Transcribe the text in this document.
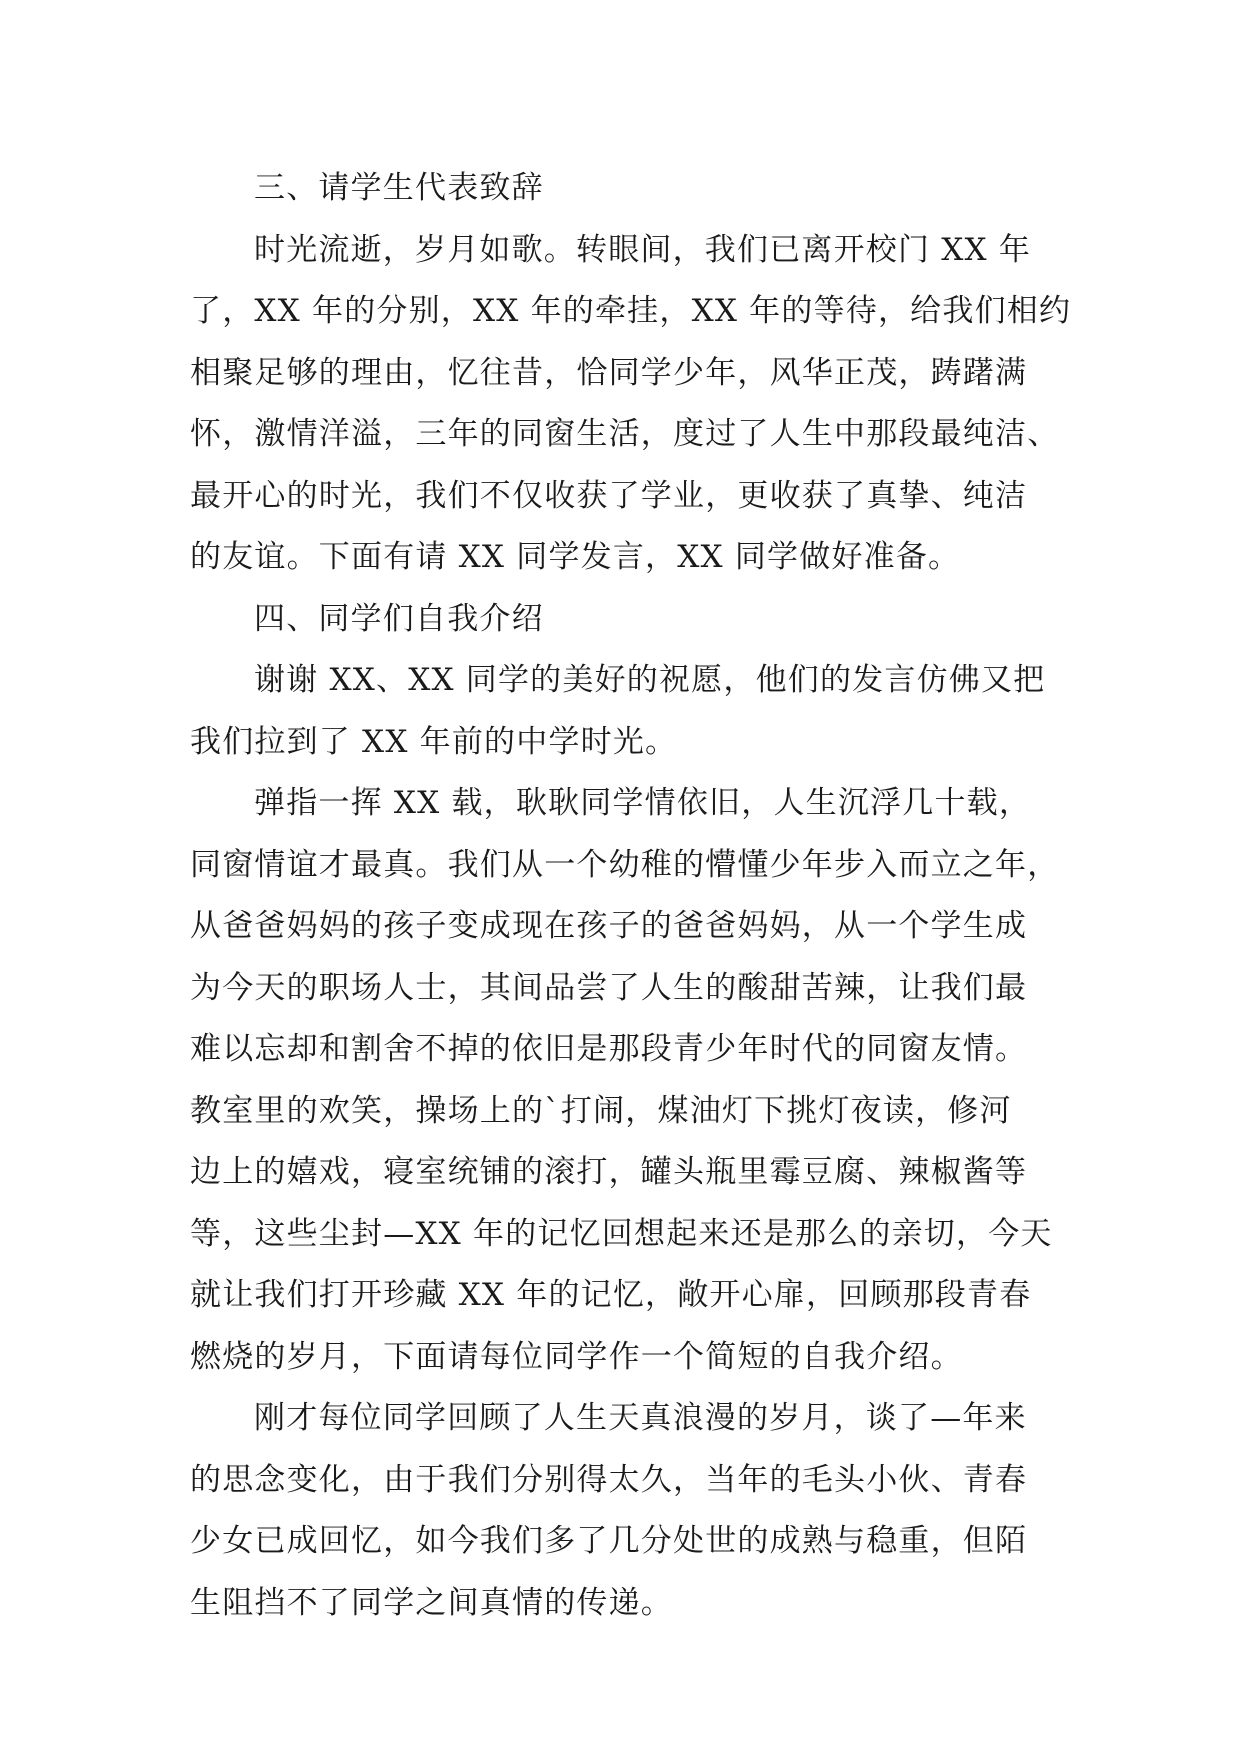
三、请学生代表致辞
时光流逝，岁月如歌。转眼间，我们已离开校门 XX 年
了，XX 年的分别，XX 年的牵挂，XX 年的等待，给我们相约
相聚足够的理由，忆往昔，恰同学少年，风华正茂，踌躇满
怀，激情洋溢，三年的同窗生活，度过了人生中那段最纯洁、
最开心的时光，我们不仅收获了学业，更收获了真挚、纯洁
的友谊。下面有请 XX 同学发言，XX 同学做好准备。
四、同学们自我介绍
谢谢 XX、XX 同学的美好的祝愿，他们的发言仿佛又把
我们拉到了 XX 年前的中学时光。
弹指一挥 XX 载，耿耿同学情依旧，人生沉浮几十载，
同窗情谊才最真。我们从一个幼稚的懵懂少年步入而立之年，
从爸爸妈妈的孩子变成现在孩子的爸爸妈妈，从一个学生成
为今天的职场人士，其间品尝了人生的酸甜苦辣，让我们最
难以忘却和割舍不掉的依旧是那段青少年时代的同窗友情。
教室里的欢笑，操场上的`打闹，煤油灯下挑灯夜读，修河
边上的嬉戏，寝室统铺的滚打，罐头瓶里霉豆腐、辣椒酱等
等，这些尘封—XX 年的记忆回想起来还是那么的亲切，今天
就让我们打开珍藏 XX 年的记忆，敞开心扉，回顾那段青春
燃烧的岁月，下面请每位同学作一个简短的自我介绍。
刚才每位同学回顾了人生天真浪漫的岁月，谈了—年来
的思念变化，由于我们分别得太久，当年的毛头小伙、青春
少女已成回忆，如今我们多了几分处世的成熟与稳重，但陌
生阻挡不了同学之间真情的传递。
